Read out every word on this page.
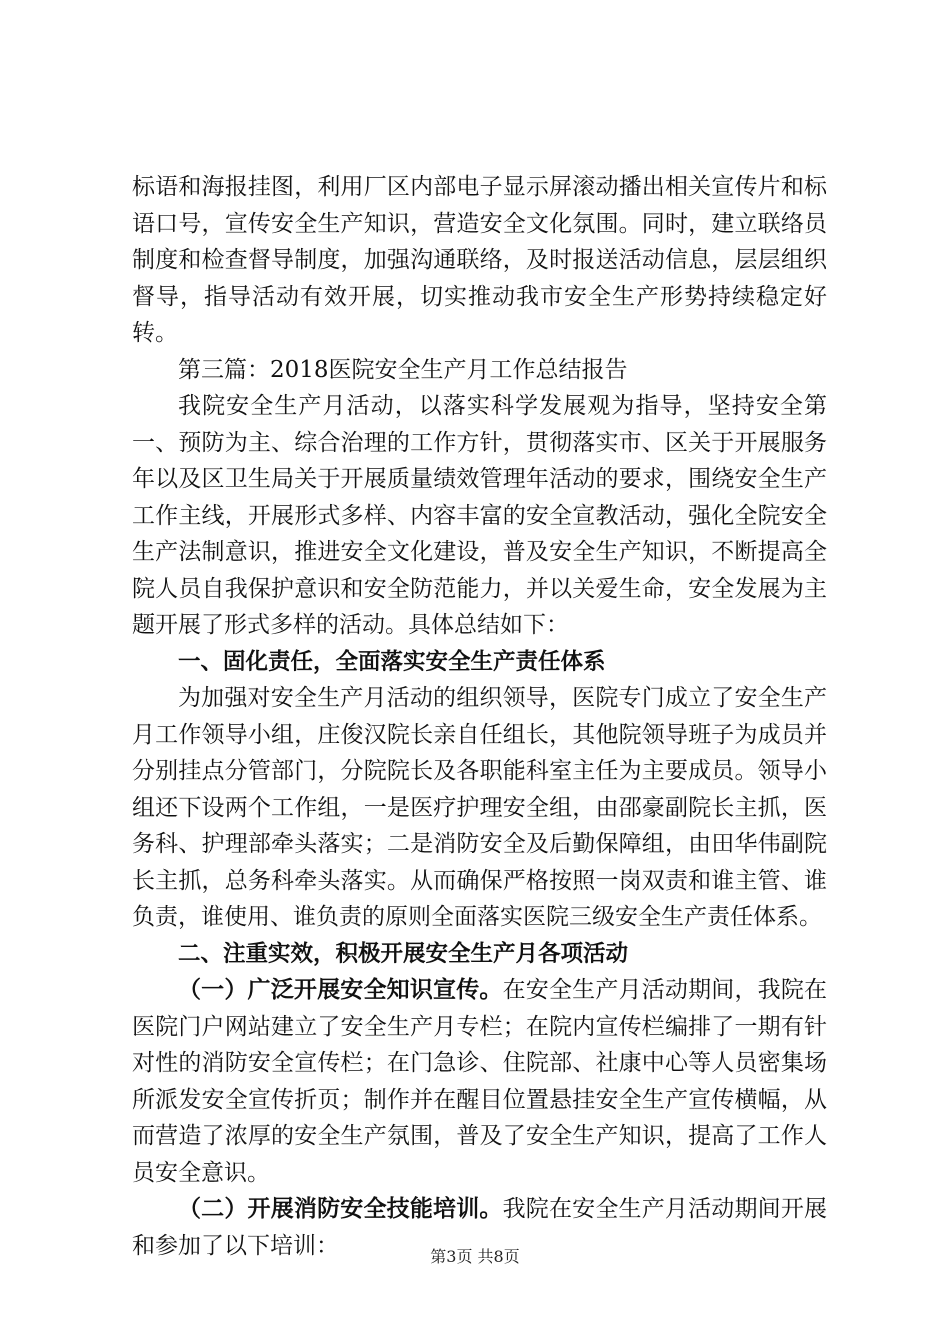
标语和海报挂图，利用厂区内部电子显示屏滚动播出相关宣传片和标语口号，宣传安全生产知识，营造安全文化氛围。同时，建立联络员制度和检查督导制度，加强沟通联络，及时报送活动信息，层层组织督导，指导活动有效开展，切实推动我市安全生产形势持续稳定好转。

第三篇：2018医院安全生产月工作总结报告

我院安全生产月活动，以落实科学发展观为指导，坚持安全第一、预防为主、综合治理的工作方针，贯彻落实市、区关于开展服务年以及区卫生局关于开展质量绩效管理年活动的要求，围绕安全生产工作主线，开展形式多样、内容丰富的安全宣教活动，强化全院安全生产法制意识，推进安全文化建设，普及安全生产知识，不断提高全院人员自我保护意识和安全防范能力，并以关爱生命，安全发展为主题开展了形式多样的活动。具体总结如下：

一、固化责任，全面落实安全生产责任体系

为加强对安全生产月活动的组织领导，医院专门成立了安全生产月工作领导小组，庄俊汉院长亲自任组长，其他院领导班子为成员并分别挂点分管部门，分院院长及各职能科室主任为主要成员。领导小组还下设两个工作组，一是医疗护理安全组，由邵豪副院长主抓，医务科、护理部牵头落实；二是消防安全及后勤保障组，由田华伟副院长主抓，总务科牵头落实。从而确保严格按照一岗双责和谁主管、谁负责，谁使用、谁负责的原则全面落实医院三级安全生产责任体系。

二、注重实效，积极开展安全生产月各项活动

（一）广泛开展安全知识宣传。在安全生产月活动期间，我院在医院门户网站建立了安全生产月专栏；在院内宣传栏编排了一期有针对性的消防安全宣传栏；在门急诊、住院部、社康中心等人员密集场所派发安全宣传折页；制作并在醒目位置悬挂安全生产宣传横幅，从而营造了浓厚的安全生产氛围，普及了安全生产知识，提高了工作人员安全意识。

（二）开展消防安全技能培训。我院在安全生产月活动期间开展和参加了以下培训：	第3页 共8页
